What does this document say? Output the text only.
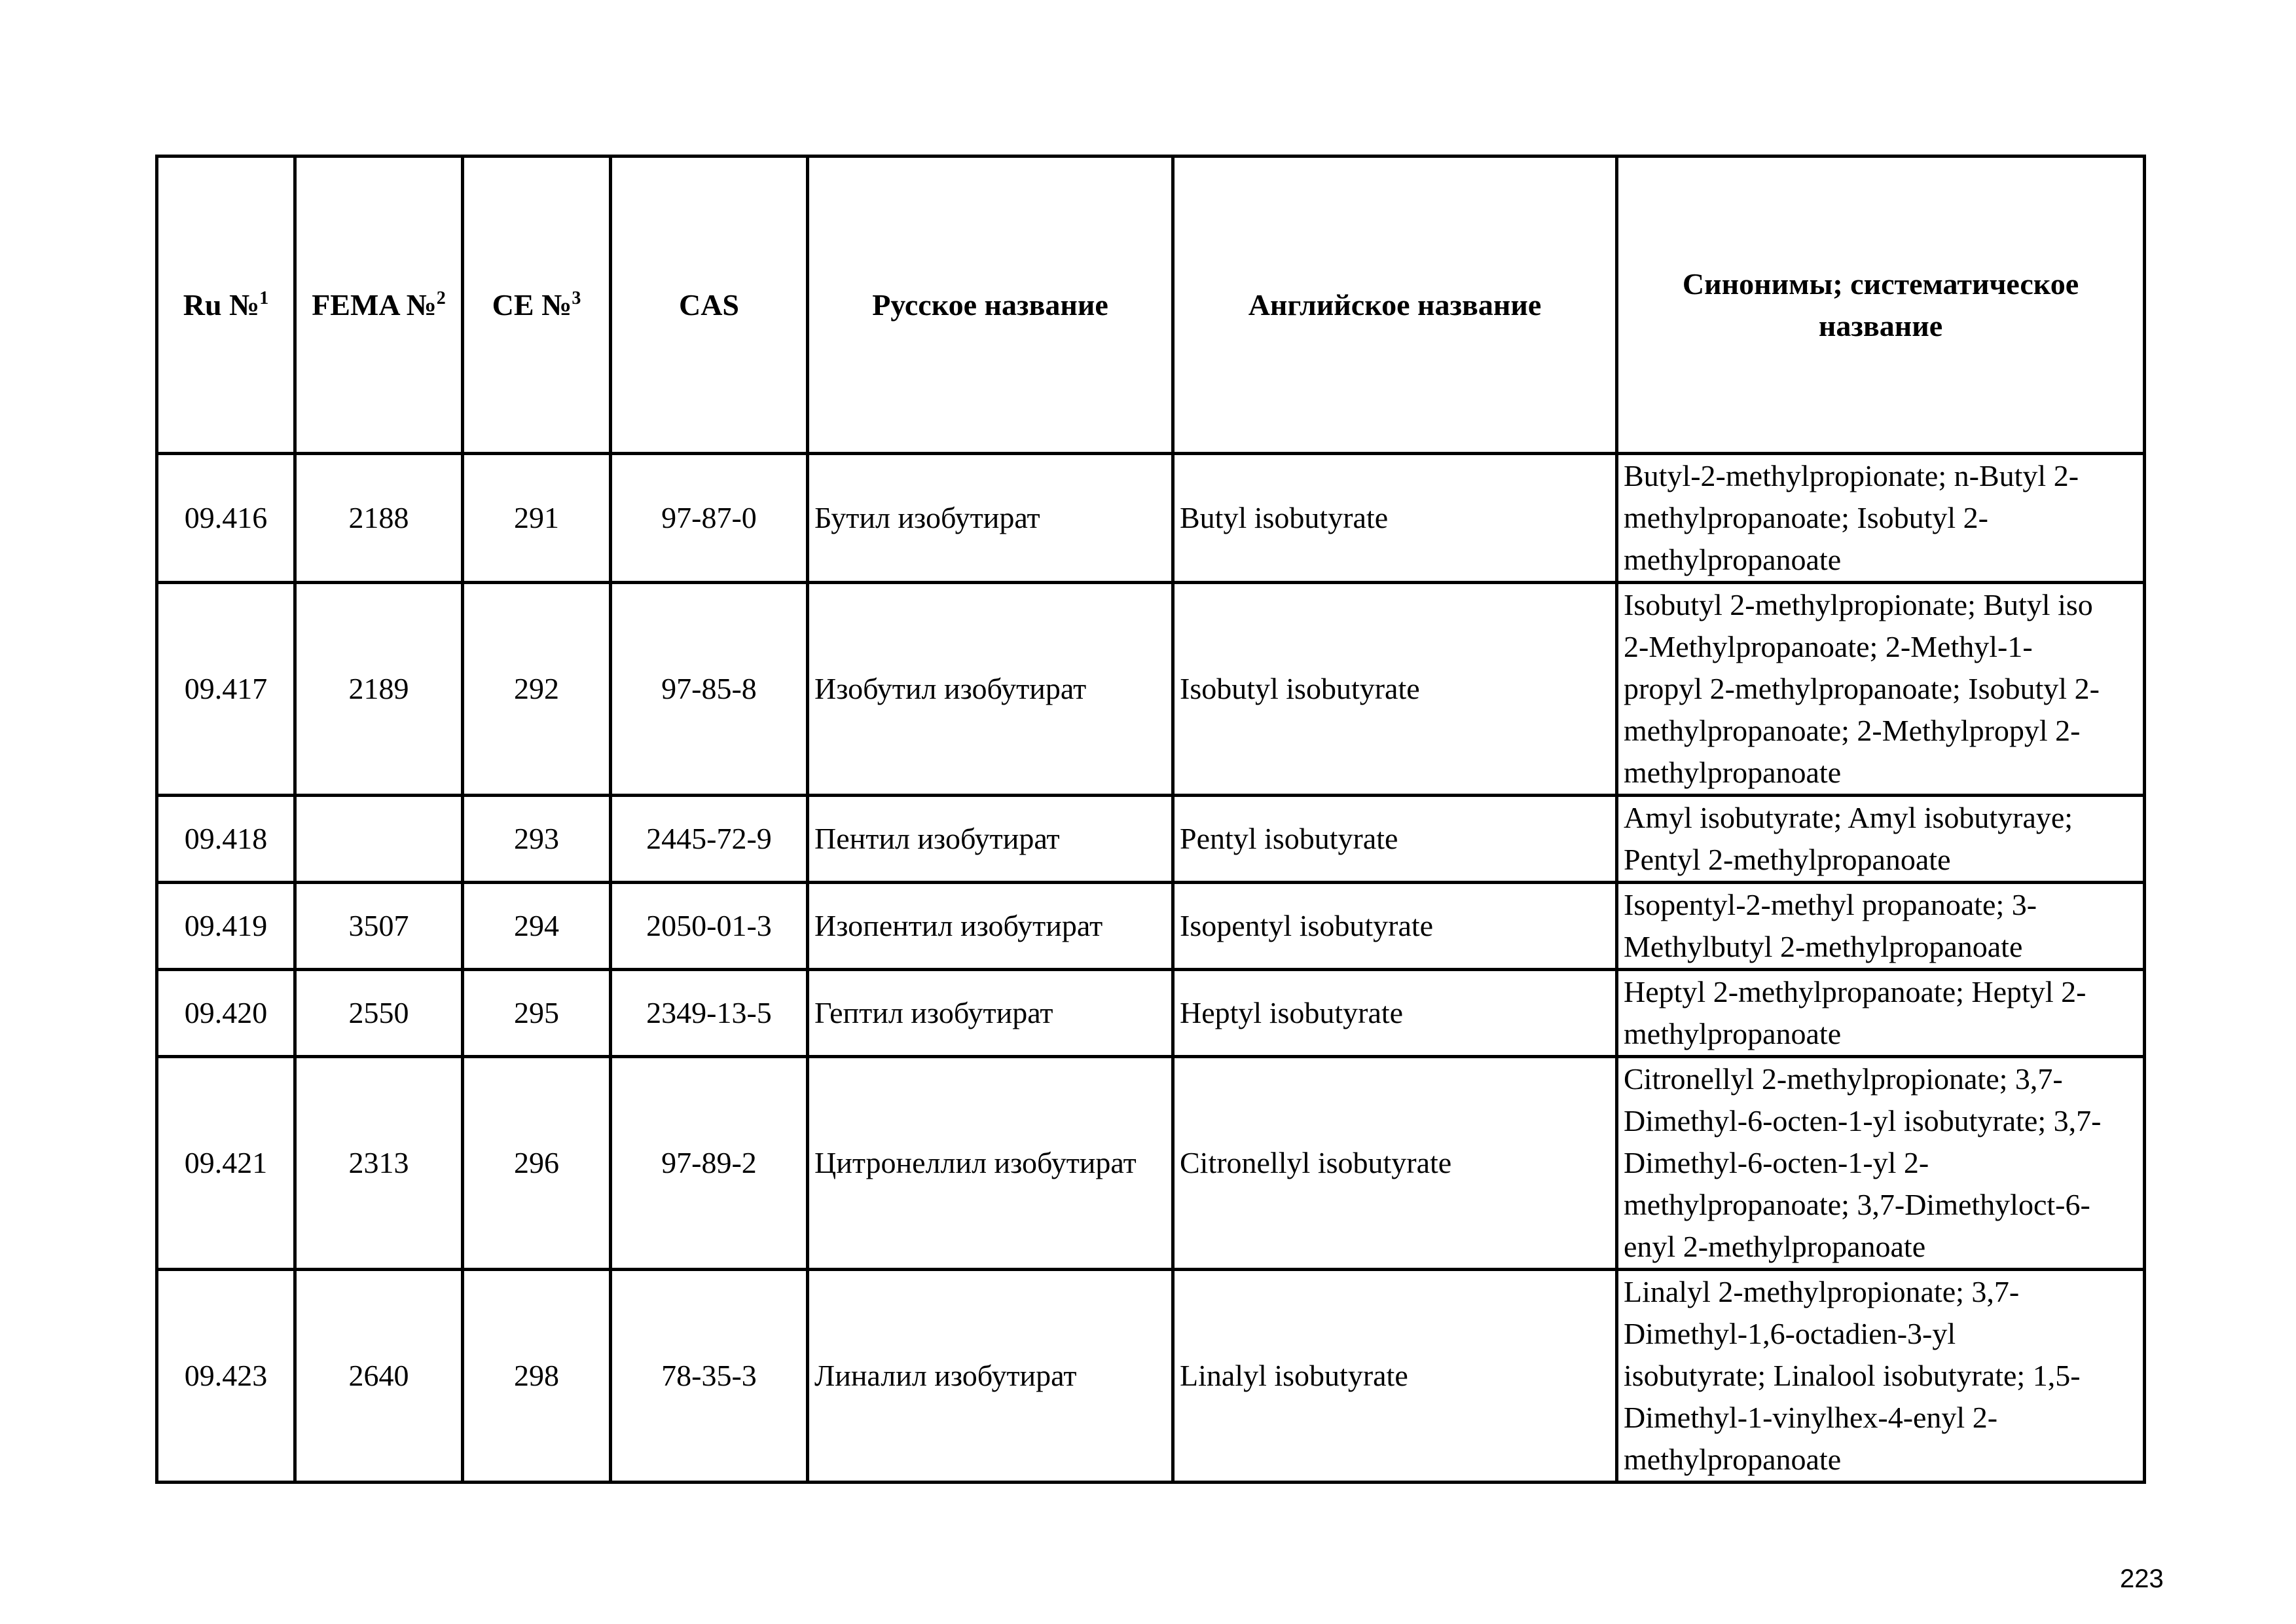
Ru №$^1$	FEMA №$^2$	CE №$^3$	CAS	Русское название	Английское название	Синонимы; систематическое название
09.416	2188	291	97-87-0	Бутил изобутират	Butyl isobutyrate	Butyl-2-methylpropionate; n-Butyl 2-
methylpropanoate; Isobutyl 2-
methylpropanoate

09.417	2189	292	97-85-8	Изобутил изобутират	Isobutyl isobutyrate	Isobutyl 2-methylpropionate; Butyl iso
2-Methylpropanoate; 2-Methyl-1-
propyl 2-methylpropanoate; Isobutyl 2-
methylpropanoate; 2-Methylpropyl 2-
methylpropanoate

09.418		293	2445-72-9	Пентил изобутират	Pentyl isobutyrate	Amyl isobutyrate; Amyl isobutyraye;
Pentyl 2-methylpropanoate

09.419	3507	294	2050-01-3	Изопентил изобутират	Isopentyl isobutyrate	Isopentyl-2-methyl propanoate; 3-
Methylbutyl 2-methylpropanoate

09.420	2550	295	2349-13-5	Гептил изобутират	Heptyl isobutyrate	Heptyl 2-methylpropanoate; Heptyl 2-
methylpropanoate

09.421	2313	296	97-89-2	Цитронеллил изобутират	Citronellyl isobutyrate	Citronellyl 2-methylpropionate; 3,7-
Dimethyl-6-octen-1-yl isobutyrate; 3,7-
Dimethyl-6-octen-1-yl 2-
methylpropanoate; 3,7-Dimethyloct-6-
enyl 2-methylpropanoate

09.423	2640	298	78-35-3	Линалил изобутират	Linalyl isobutyrate	Linalyl 2-methylpropionate; 3,7-
Dimethyl-1,6-octadien-3-yl
isobutyrate; Linalool isobutyrate; 1,5-
Dimethyl-1-vinylhex-4-enyl 2-
methylpropanoate
223
